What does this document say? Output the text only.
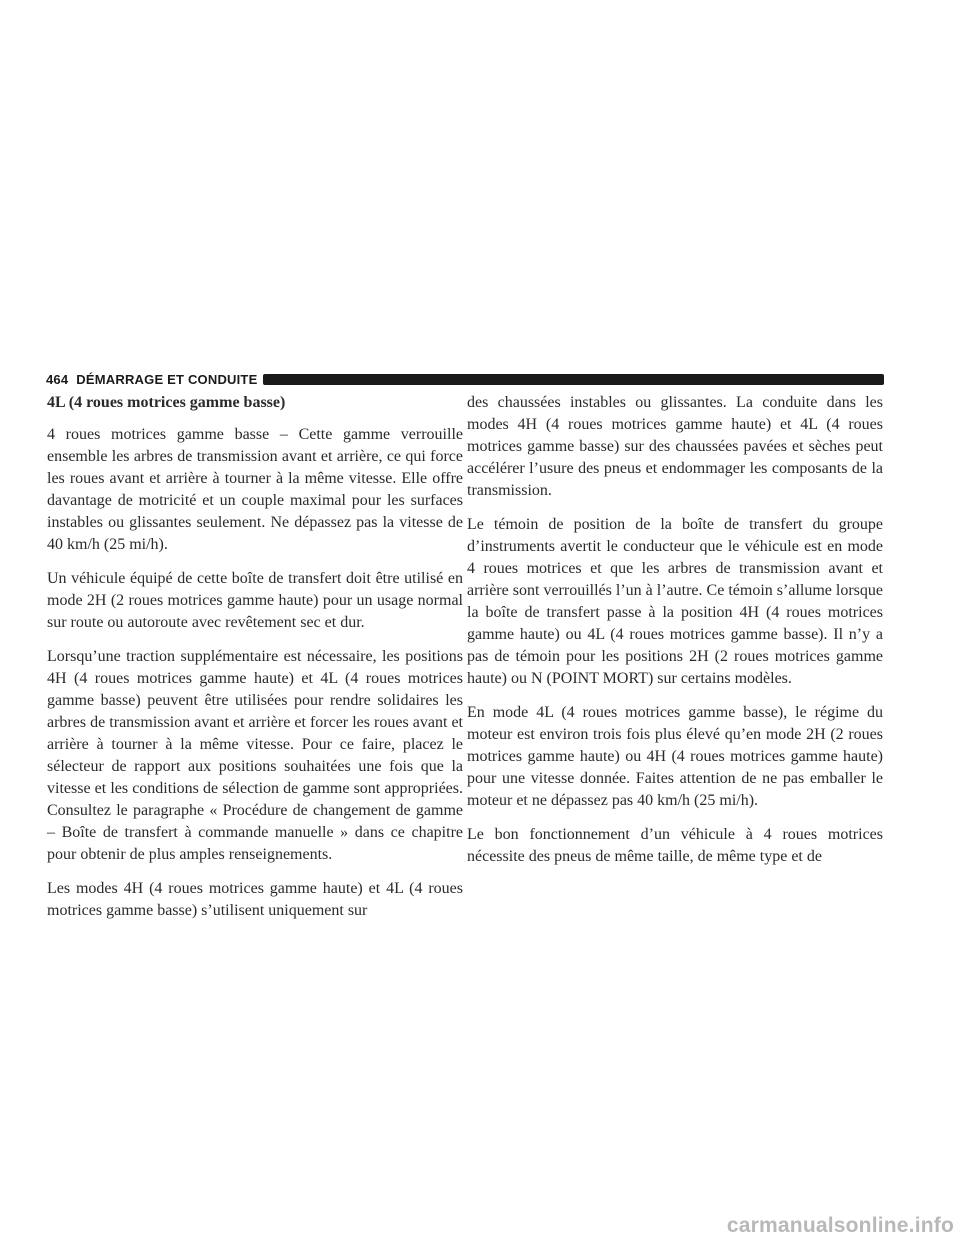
464 DÉMARRAGE ET CONDUITE

4L (4 roues motrices gamme basse)

4 roues motrices gamme basse – Cette gamme verrouille ensemble les arbres de transmission avant et arrière, ce qui force les roues avant et arrière à tourner à la même vitesse. Elle offre davantage de motricité et un couple maximal pour les surfaces instables ou glissantes seulement. Ne dépassez pas la vitesse de 40 km/h (25 mi/h).

Un véhicule équipé de cette boîte de transfert doit être utilisé en mode 2H (2 roues motrices gamme haute) pour un usage normal sur route ou autoroute avec revêtement sec et dur.

Lorsqu’une traction supplémentaire est nécessaire, les positions 4H (4 roues motrices gamme haute) et 4L (4 roues motrices gamme basse) peuvent être utilisées pour rendre solidaires les arbres de transmission avant et arrière et forcer les roues avant et arrière à tourner à la même vitesse. Pour ce faire, placez le sélecteur de rapport aux positions souhaitées une fois que la vitesse et les conditions de sélection de gamme sont appropriées. Consultez le paragraphe « Procédure de changement de gamme – Boîte de transfert à commande manuelle » dans ce chapitre pour obtenir de plus amples renseignements.

Les modes 4H (4 roues motrices gamme haute) et 4L (4 roues motrices gamme basse) s’utilisent uniquement sur

des chaussées instables ou glissantes. La conduite dans les modes 4H (4 roues motrices gamme haute) et 4L (4 roues motrices gamme basse) sur des chaussées pavées et sèches peut accélérer l’usure des pneus et endommager les composants de la transmission.

Le témoin de position de la boîte de transfert du groupe d’instruments avertit le conducteur que le véhicule est en mode 4 roues motrices et que les arbres de transmission avant et arrière sont verrouillés l’un à l’autre. Ce témoin s’allume lorsque la boîte de transfert passe à la position 4H (4 roues motrices gamme haute) ou 4L (4 roues motrices gamme basse). Il n’y a pas de témoin pour les positions 2H (2 roues motrices gamme haute) ou N (POINT MORT) sur certains modèles.

En mode 4L (4 roues motrices gamme basse), le régime du moteur est environ trois fois plus élevé qu’en mode 2H (2 roues motrices gamme haute) ou 4H (4 roues motrices gamme haute) pour une vitesse donnée. Faites attention de ne pas emballer le moteur et ne dépassez pas 40 km/h (25 mi/h).

Le bon fonctionnement d’un véhicule à 4 roues motrices nécessite des pneus de même taille, de même type et de

carmanualsonline.info
